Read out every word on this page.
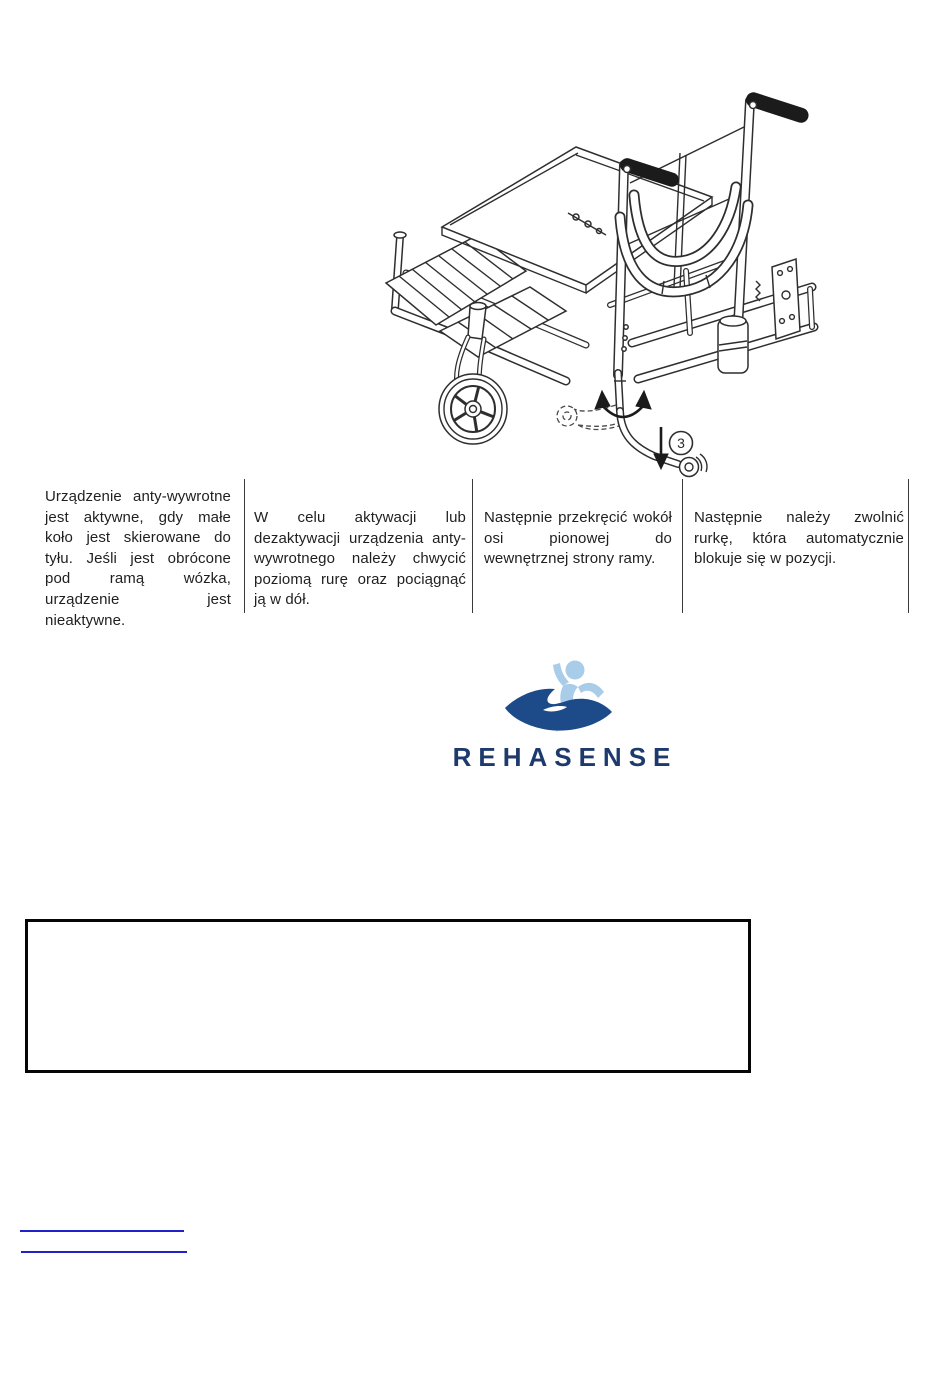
3
Urządzenie anty-wywrotne jest aktywne, gdy małe koło jest skierowane do tyłu. Jeśli jest obrócone pod ramą wózka, urządzenie jest nieaktywne.
W celu aktywacji lub dezaktywacji urządzenia anty-wywrotnego należy chwycić poziomą rurę oraz pociągnąć ją w dół.
Następnie przekręcić wokół osi pionowej do wewnętrznej strony ramy.
Następnie należy zwolnić rurkę, która automatycznie blokuje się w pozycji.
REHASENSE
